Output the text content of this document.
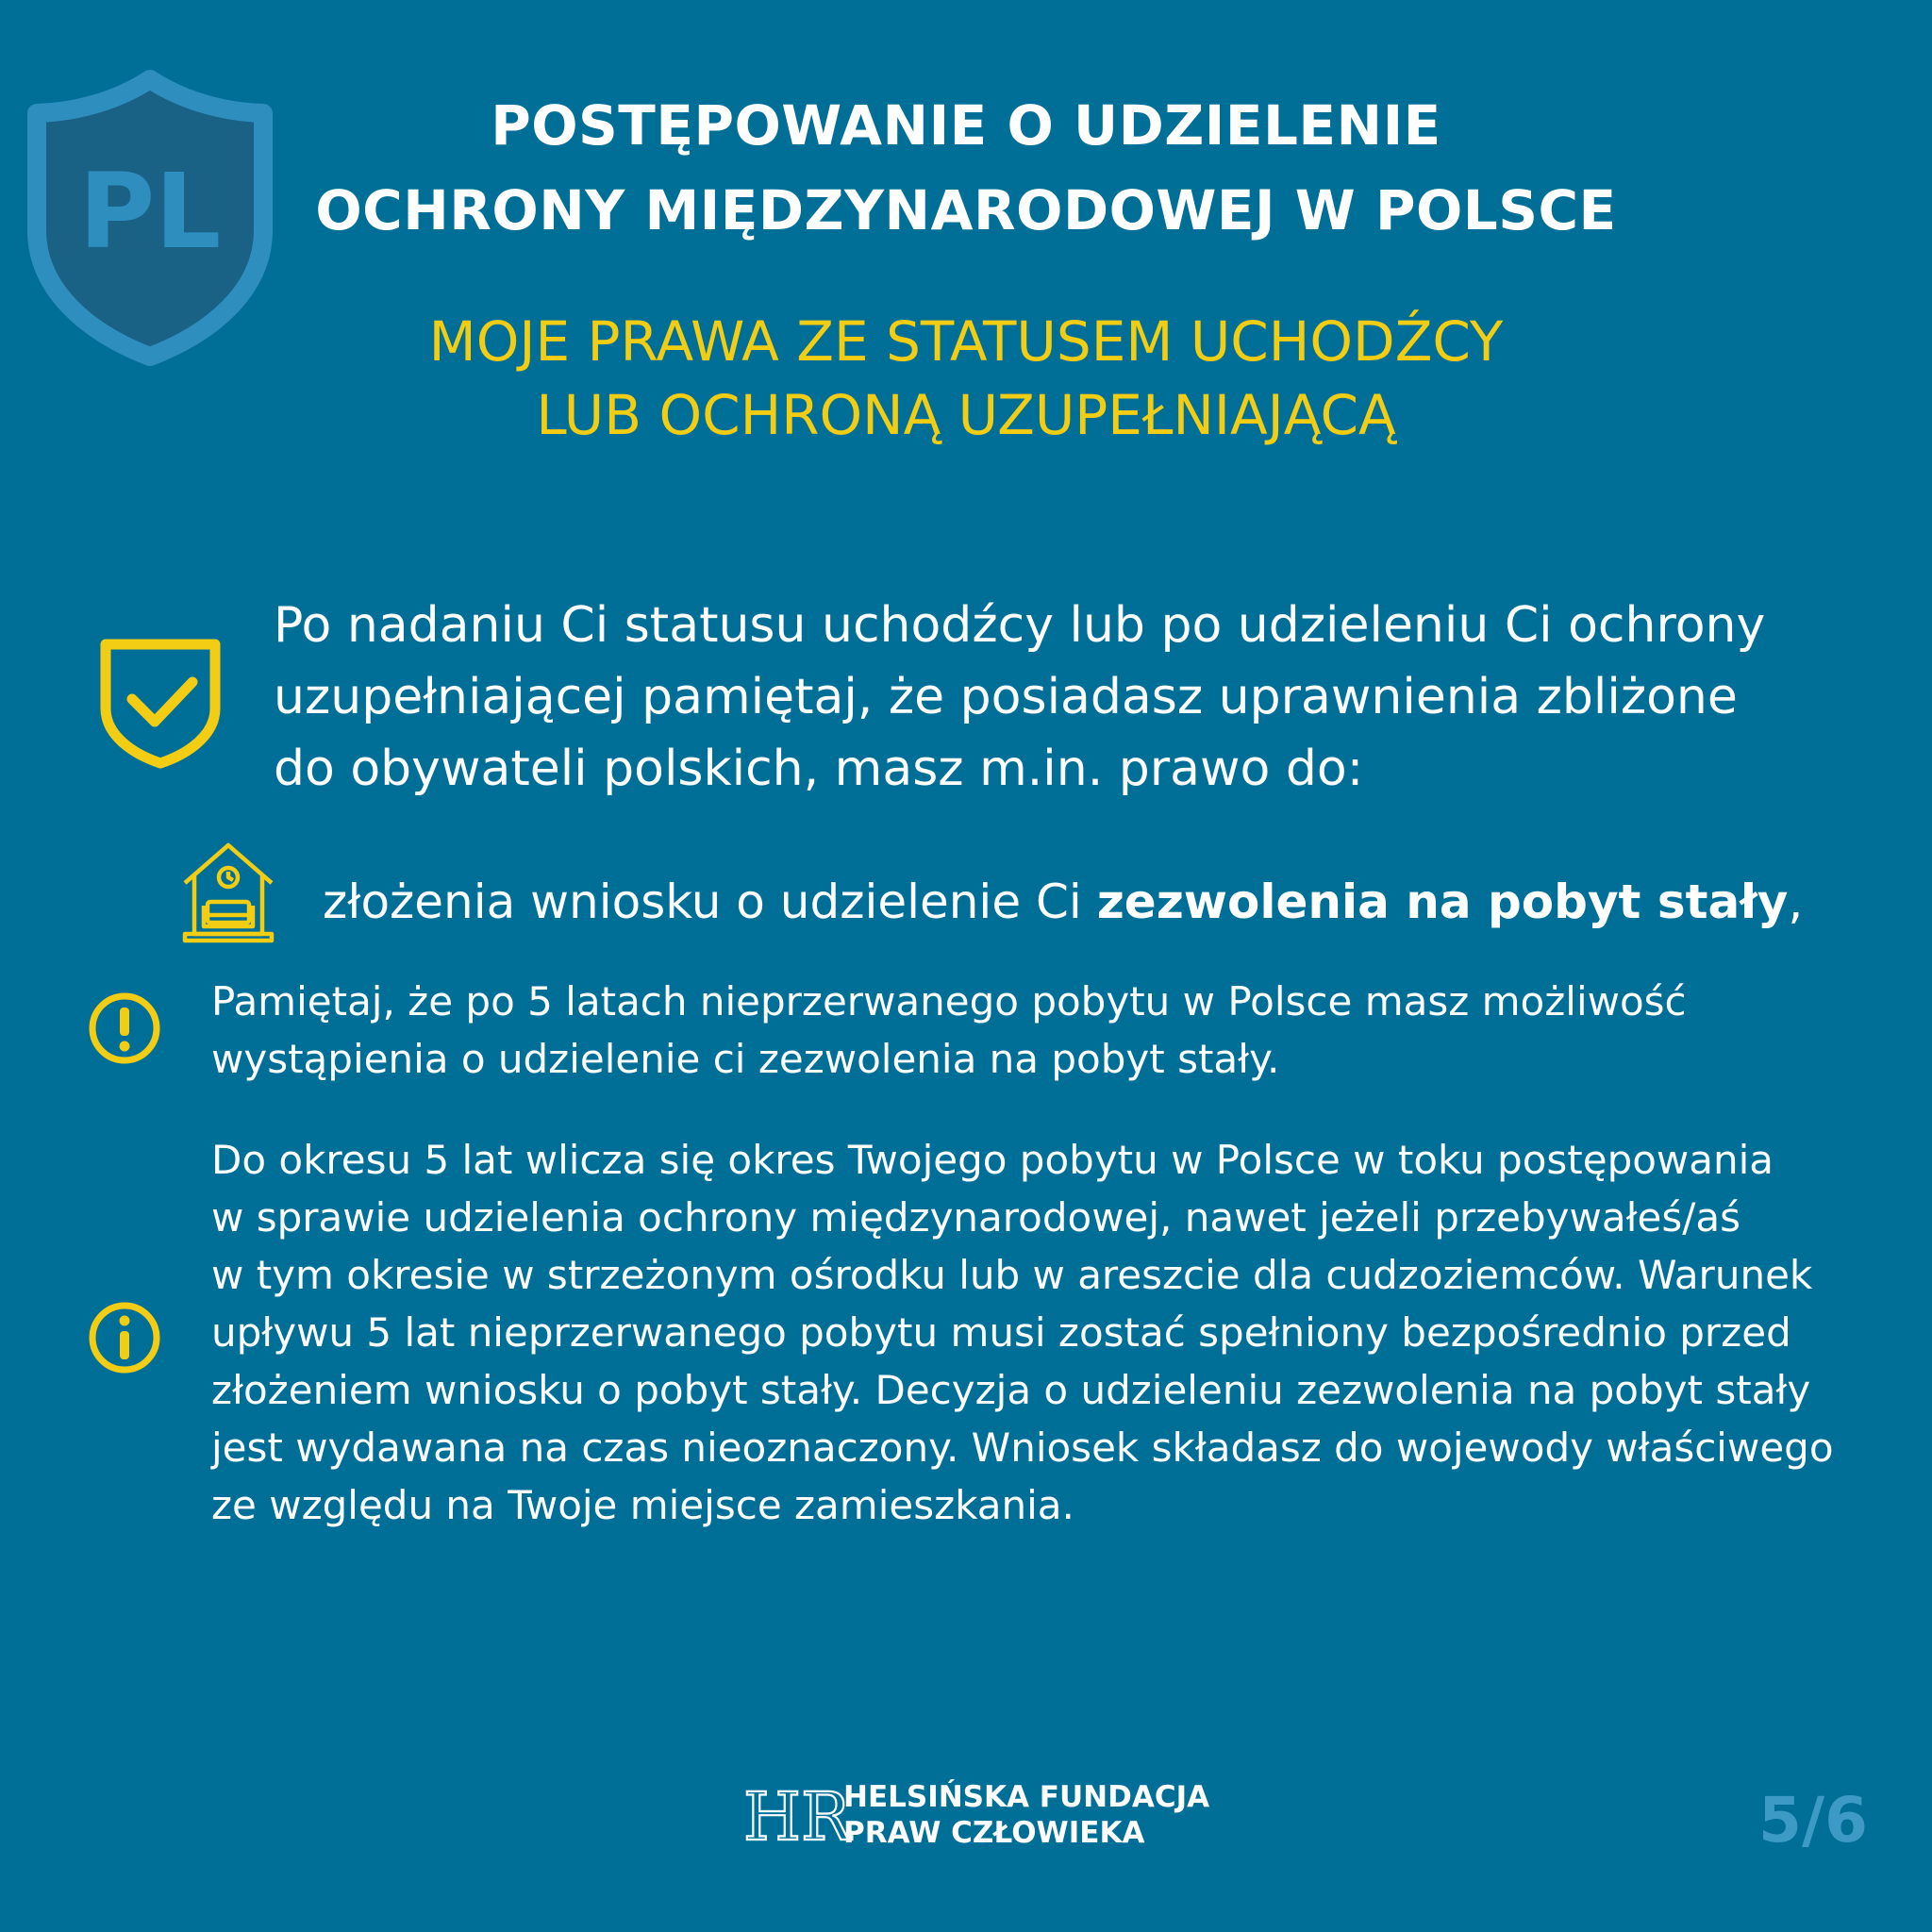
PL
POSTĘPOWANIE O UDZIELENIE
OCHRONY MIĘDZYNARODOWEJ W POLSCE
MOJE PRAWA ZE STATUSEM UCHODŹCY
LUB OCHRONĄ UZUPEŁNIAJĄCĄ
Po nadaniu Ci statusu uchodźcy lub po udzieleniu Ci ochrony
uzupełniającej pamiętaj, że posiadasz uprawnienia zbliżone
do obywateli polskich, masz m.in. prawo do:
złożenia wniosku o udzielenie Ci zezwolenia na pobyt stały,
Pamiętaj, że po 5 latach nieprzerwanego pobytu w Polsce masz możliwość
wystąpienia o udzielenie ci zezwolenia na pobyt stały.
Do okresu 5 lat wlicza się okres Twojego pobytu w Polsce w toku postępowania
w sprawie udzielenia ochrony międzynarodowej, nawet jeżeli przebywałeś/aś
w tym okresie w strzeżonym ośrodku lub w areszcie dla cudzoziemców. Warunek
upływu 5 lat nieprzerwanego pobytu musi zostać spełniony bezpośrednio przed
złożeniem wniosku o pobyt stały. Decyzja o udzieleniu zezwolenia na pobyt stały
jest wydawana na czas nieoznaczony. Wniosek składasz do wojewody właściwego
ze względu na Twoje miejsce zamieszkania.
HR
HELSIŃSKA FUNDACJA
PRAW CZŁOWIEKA	5/6
